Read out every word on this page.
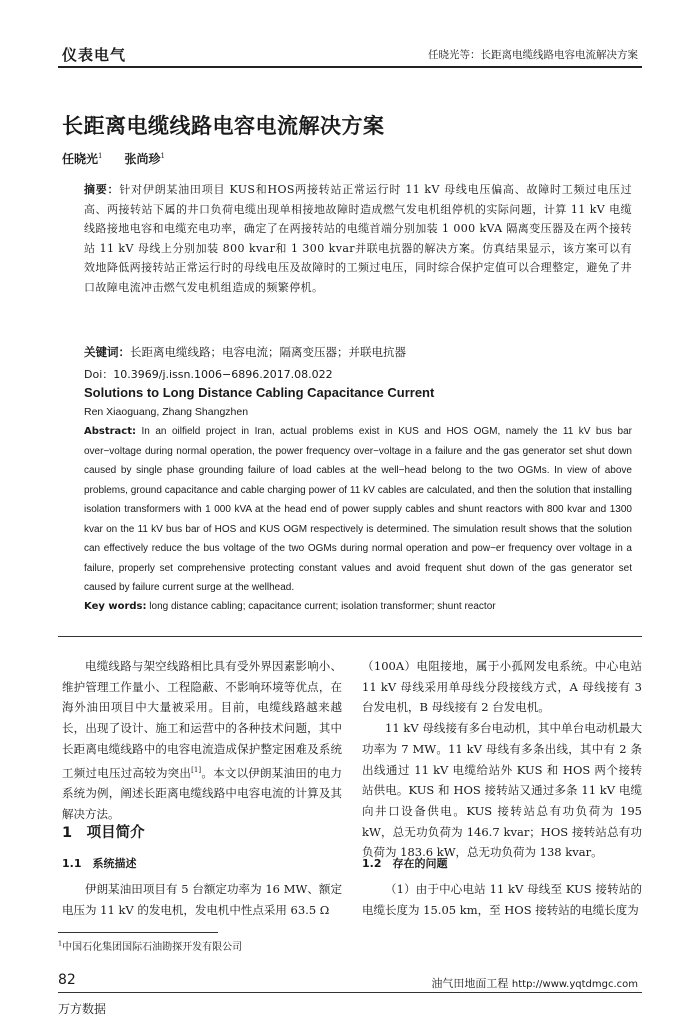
仪表电气	任晓光等：长距离电缆线路电容电流解决方案
长距离电缆线路电容电流解决方案
任晓光$^1$ 张尚珍$^1$
摘要：针对伊朗某油田项目 KUS和HOS两接转站正常运行时 11 kV 母线电压偏高、故障时工频过电压过高、两接转站下属的井口负荷电缆出现单相接地故障时造成燃气发电机组停机的实际问题，计算 11 kV 电缆线路接地电容和电缆充电功率，确定了在两接转站的电缆首端分别加装 1 000 kVA 隔离变压器及在两个接转站 11 kV 母线上分别加装 800 kvar和 1 300 kvar并联电抗器的解决方案。仿真结果显示，该方案可以有效地降低两接转站正常运行时的母线电压及故障时的工频过电压，同时综合保护定值可以合理整定，避免了井口故障电流冲击燃气发电机组造成的频繁停机。
关键词：长距离电缆线路；电容电流；隔离变压器；并联电抗器
Doi：10.3969/j.issn.1006−6896.2017.08.022
Solutions to Long Distance Cabling Capacitance Current
Ren Xiaoguang, Zhang Shangzhen
Abstract: In an oilfield project in Iran, actual problems exist in KUS and HOS OGM, namely the 11 kV bus bar over−voltage during normal operation, the power frequency over−voltage in a failure and the gas generator set shut down caused by single phase grounding failure of load cables at the well−head belong to the two OGMs. In view of above problems, ground capacitance and cable charging power of 11 kV cables are calculated, and then the solution that installing isolation transformers with 1 000 kVA at the head end of power supply cables and shunt reactors with 800 kvar and 1300 kvar on the 11 kV bus bar of HOS and KUS OGM respectively is determined. The simulation result shows that the solution can effectively reduce the bus voltage of the two OGMs during normal operation and pow−er frequency over voltage in a failure, properly set comprehensive protecting constant values and avoid frequent shut down of the gas generator set caused by failure current surge at the wellhead.
Key words: long distance cabling; capacitance current; isolation transformer; shunt reactor

电缆线路与架空线路相比具有受外界因素影响小、维护管理工作量小、工程隐蔽、不影响环境等优点，在海外油田项目中大量被采用。目前，电缆线路越来越长，出现了设计、施工和运营中的各种技术问题，其中长距离电缆线路中的电容电流造成保护整定困难及系统工频过电压过高较为突出[1]。本文以伊朗某油田的电力系统为例，阐述长距离电缆线路中电容电流的计算及其解决方法。

1　项目简介
1.1　系统描述

伊朗某油田项目有 5 台额定功率为 16 MW、额定电压为 11 kV 的发电机，发电机中性点采用 63.5 Ω

（100A）电阻接地，属于小孤网发电系统。中心电站 11 kV 母线采用单母线分段接线方式，A 母线接有 3 台发电机，B 母线接有 2 台发电机。

11 kV 母线接有多台电动机，其中单台电动机最大功率为 7 MW。11 kV 母线有多条出线，其中有 2 条出线通过 11 kV 电缆给站外 KUS 和 HOS 两个接转站供电。KUS 和 HOS 接转站又通过多条 11 kV 电缆向井口设备供电。KUS 接转站总有功负荷为 195 kW，总无功负荷为 146.7 kvar；HOS 接转站总有功负荷为 183.6 kW，总无功负荷为 138 kvar。

1.2　存在的问题

（1）由于中心电站 11 kV 母线至 KUS 接转站的电缆长度为 15.05 km，至 HOS 接转站的电缆长度为

$^1$中国石化集团国际石油勘探开发有限公司
82	油气田地面工程 http://www.yqtdmgc.com
万方数据
